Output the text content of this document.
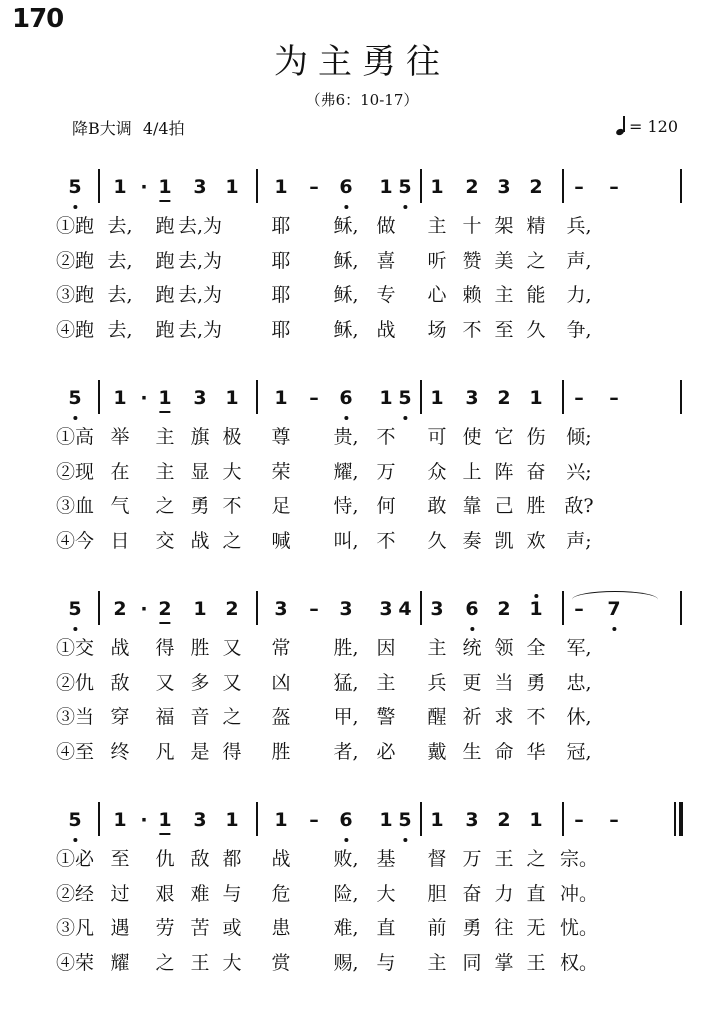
170
为主勇往
（弗6：10-17）
降B大调 4/4拍	= 120
5 1 · 1 3 1 1 – 6 1 5 1 2 3 2 – –
①跑 去, 跑 去,为	耶 稣, 做 主 十 架 精 兵,
②跑 去, 跑 去,为	耶 稣, 喜 听 赞 美 之 声,
③跑 去, 跑 去,为	耶 稣, 专 心 赖 主 能 力,
④跑 去, 跑 去,为	耶 稣, 战 场 不 至 久 争,
5 1 · 1 3 1 1 – 6 1 5 1 3 2 1 – –
①高 举 主 旗 极 尊 贵, 不 可 使 它 伤 倾;
②现 在 主 显 大 荣 耀, 万 众 上 阵 奋 兴;
③血 气 之 勇 不 足 恃, 何 敢 靠 己 胜 敌?
④今 日 交 战 之 喊 叫, 不 久 奏 凯 欢 声;
5 2 · 2 1 2 3 – 3 3 4 3 6 2 1 – 7
①交 战 得 胜 又 常 胜, 因 主 统 领 全 军,
②仇 敌 又 多 又 凶 猛, 主 兵 更 当 勇 忠,
③当 穿 福 音 之 盔 甲, 警 醒 祈 求 不 休,
④至 终 凡 是 得 胜 者, 必 戴 生 命 华 冠,
5 1 · 1 3 1 1 – 6 1 5 1 3 2 1 – –
①必 至 仇 敌 都 战 败, 基 督 万 王 之 宗。
②经 过 艰 难 与 危 险, 大 胆 奋 力 直 冲。
③凡 遇 劳 苦 或 患 难, 直 前 勇 往 无 忧。
④荣 耀 之 王 大 赏 赐, 与 主 同 掌 王 权。
